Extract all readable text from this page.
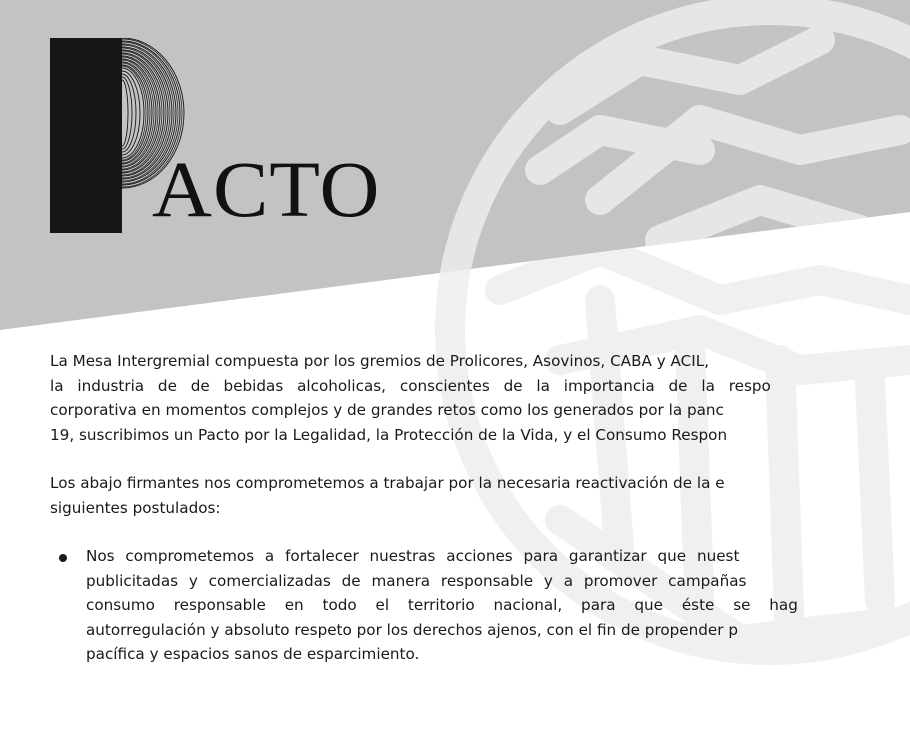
ACTO

La Mesa Intergremial compuesta por los gremios de Prolicores, Asovinos, CABA y ACIL,
la industria de de bebidas alcoholicas, conscientes de la importancia de la respo
corporativa en momentos complejos y de grandes retos como los generados por la panc
19, suscribimos un Pacto por la Legalidad, la Protección de la Vida, y el Consumo Respon

Los abajo firmantes nos comprometemos a trabajar por la necesaria reactivación de la e
siguientes postulados:

Nos comprometemos a fortalecer nuestras acciones para garantizar que nuest
publicitadas y comercializadas de manera responsable y a promover campañas
consumo responsable en todo el territorio nacional, para que éste se hag
autorregulación y absoluto respeto por los derechos ajenos, con el fin de propender p
pacífica y espacios sanos de esparcimiento.
